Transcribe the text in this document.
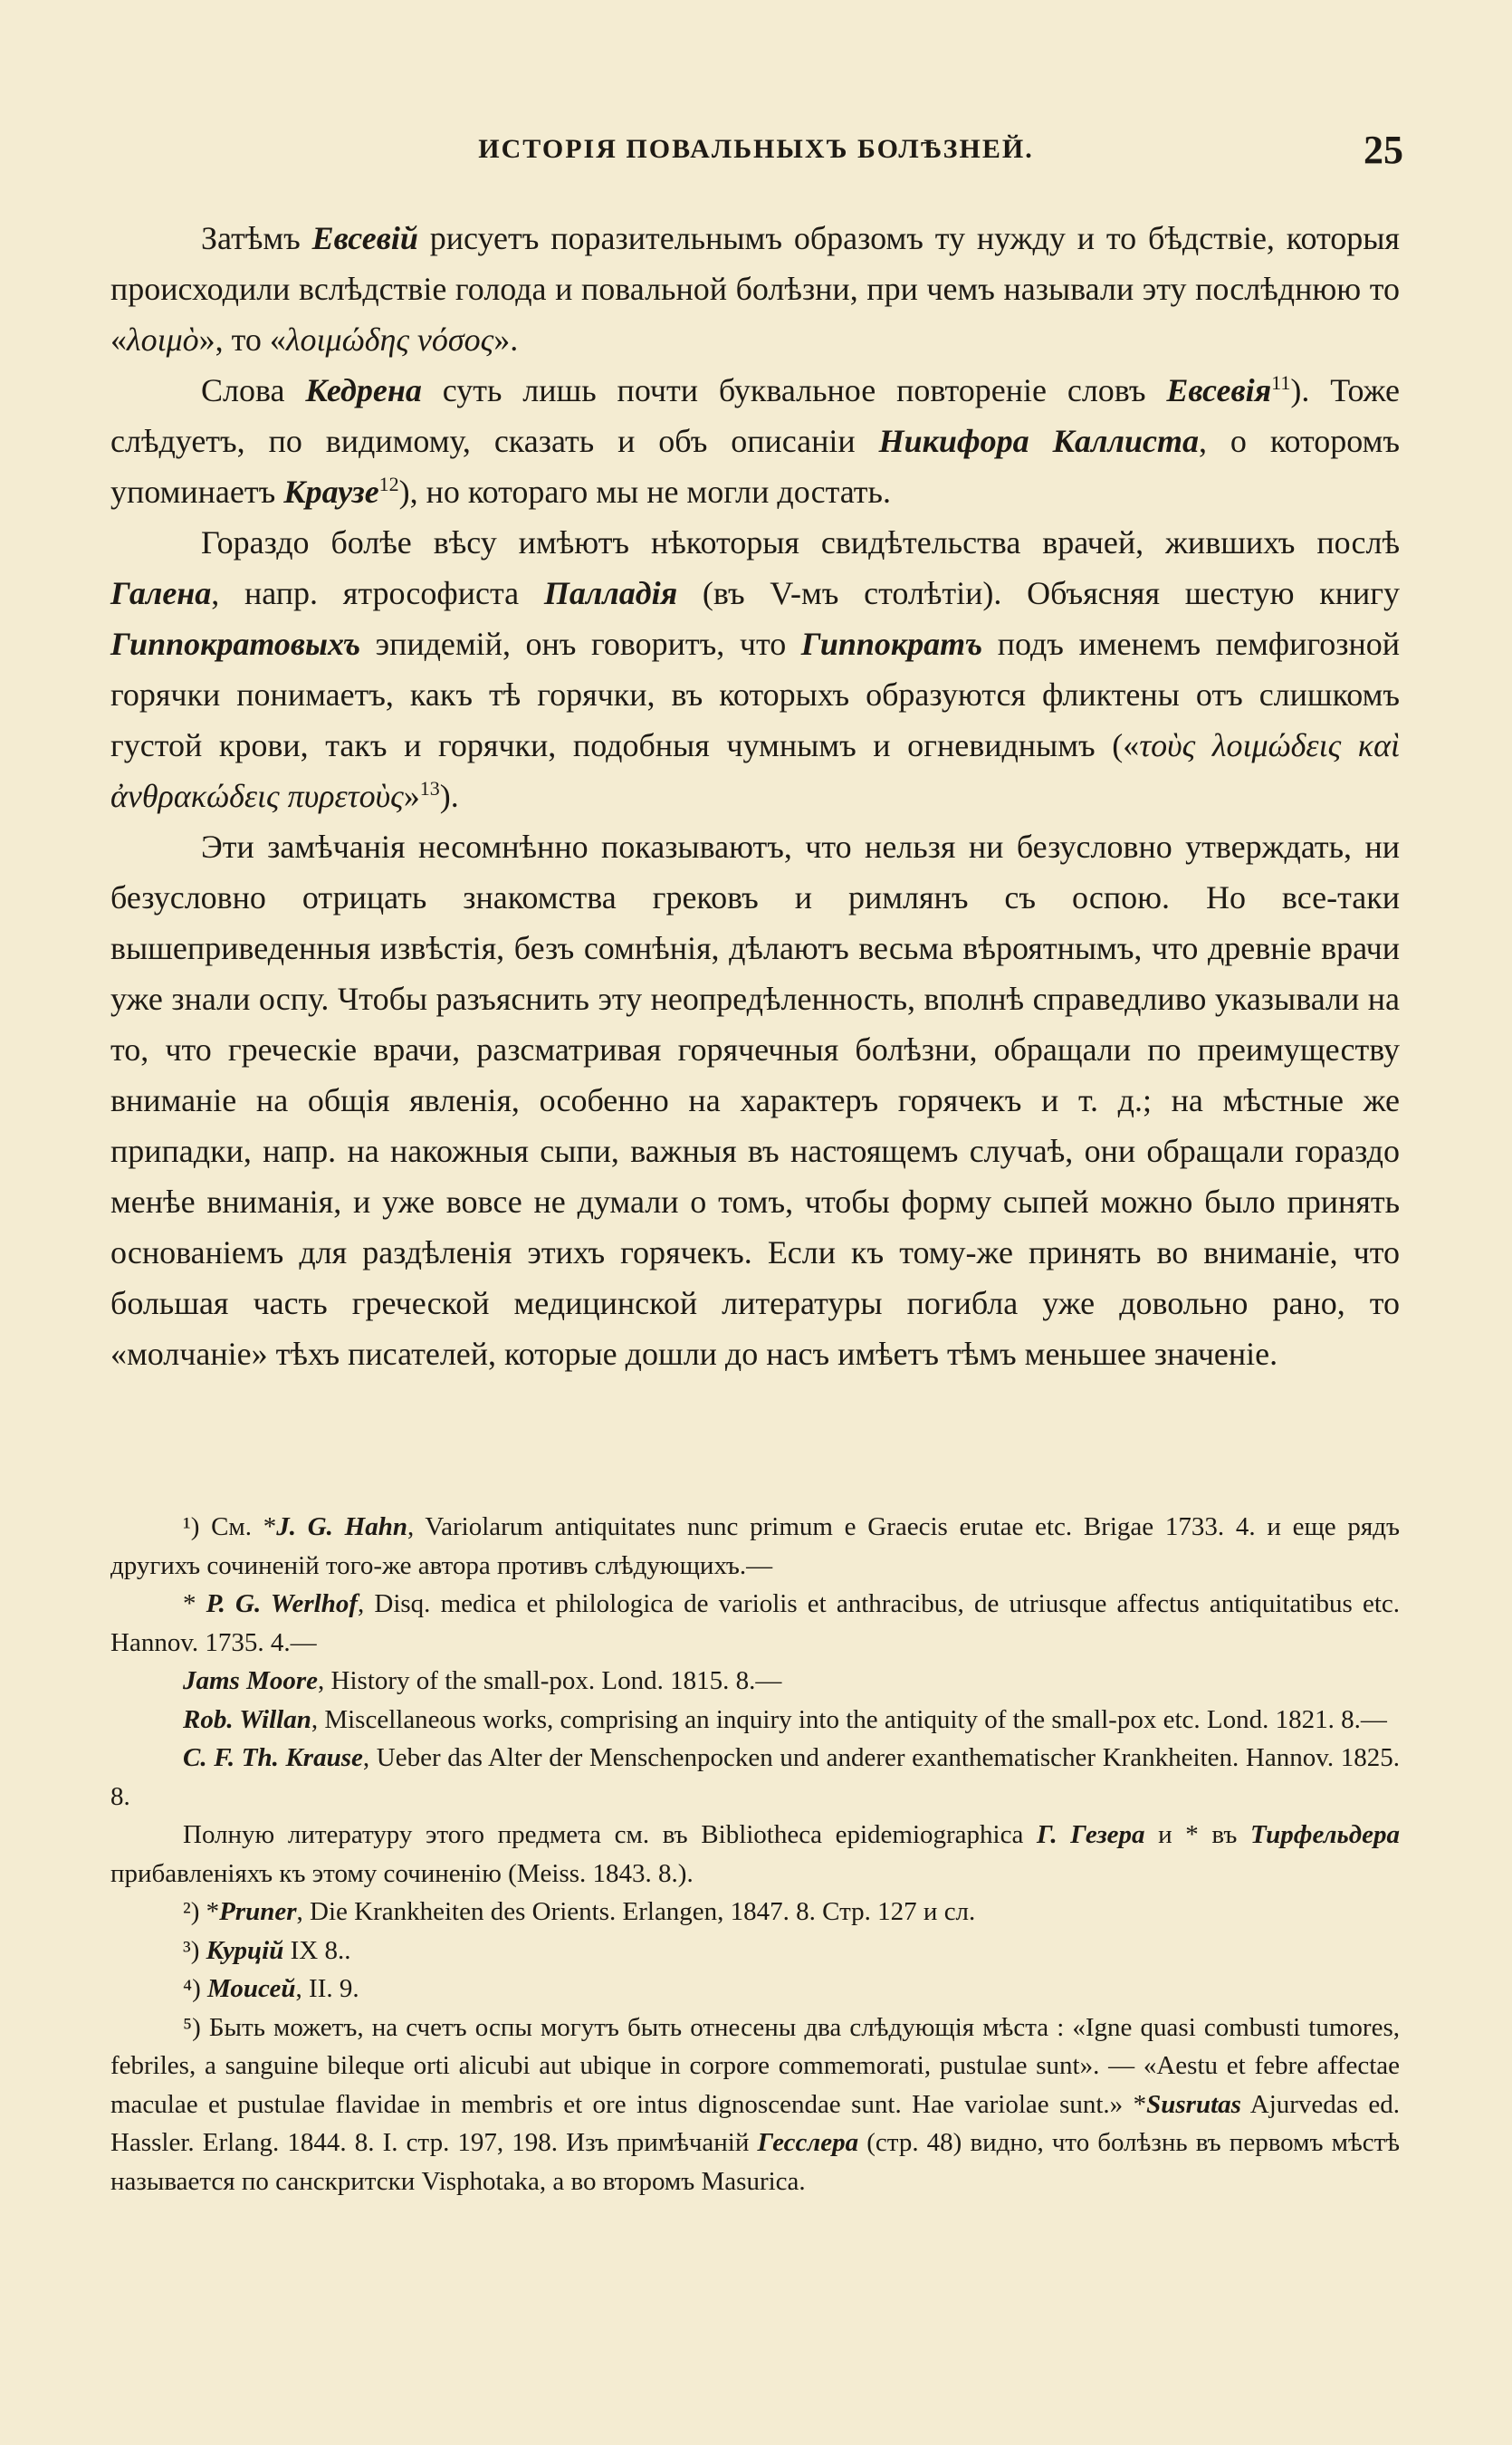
ИСТОРІЯ ПОВАЛЬНЫХЪ БОЛѢЗНЕЙ.	25

Затѣмъ Евсевій рисуетъ поразительнымъ образомъ ту нужду и то бѣдствіе, которыя происходили вслѣдствіе голода и повальной болѣзни, при чемъ называли эту послѣднюю то «λοιμὸ», то «λοιμώδης νόσος».

Слова Кедрена суть лишь почти буквальное повтореніе словъ Евсевія$^{11}$). Тоже слѣдуетъ, по видимому, сказать и объ описаніи Никифора Каллиста, о которомъ упоминаетъ Краузе$^{12}$), но котораго мы не могли достать.

Гораздо болѣе вѣсу имѣютъ нѣкоторыя свидѣтельства врачей, жившихъ послѣ Галена, напр. ятрософиста Палладія (въ V-мъ столѣтіи). Объясняя шестую книгу Гиппократовыхъ эпидемій, онъ говоритъ, что Гиппократъ подъ именемъ пемфигозной горячки понимаетъ, какъ тѣ горячки, въ которыхъ образуются фликтены отъ слишкомъ густой крови, такъ и горячки, подобныя чумнымъ и огневиднымъ («τοὺς λοιμώδεις καὶ ἀνθρακώδεις πυρετοὺς»$^{13}$).

Эти замѣчанія несомнѣнно показываютъ, что нельзя ни безусловно утверждать, ни безусловно отрицать знакомства грековъ и римлянъ съ оспою. Но все-таки вышеприведенныя извѣстія, безъ сомнѣнія, дѣлаютъ весьма вѣроятнымъ, что древніе врачи уже знали оспу. Чтобы разъяснить эту неопредѣленность, вполнѣ справедливо указывали на то, что греческіе врачи, разсматривая горячечныя болѣзни, обращали по преимуществу вниманіе на общія явленія, особенно на характеръ горячекъ и т. д.; на мѣстные же припадки, напр. на накожныя сыпи, важныя въ настоящемъ случаѣ, они обращали гораздо менѣе вниманія, и уже вовсе не думали о томъ, чтобы форму сыпей можно было принять основаніемъ для раздѣленія этихъ горячекъ. Если къ тому-же принять во вниманіе, что большая часть греческой медицинской литературы погибла уже довольно рано, то «молчаніе» тѣхъ писателей, которые дошли до насъ имѣетъ тѣмъ меньшее значеніе.

¹) См. *J. G. Hahn, Variolarum antiquitates nunc primum e Graecis erutae etc. Brigae 1733. 4. и еще рядъ другихъ сочиненій того-же автора противъ слѣдующихъ.—

* P. G. Werlhof, Disq. medica et philologica de variolis et anthracibus, de utriusque affectus antiquitatibus etc. Hannov. 1735. 4.—

Jams Moore, History of the small-pox. Lond. 1815. 8.—

Rob. Willan, Miscellaneous works, comprising an inquiry into the antiquity of the small-pox etc. Lond. 1821. 8.—

C. F. Th. Krause, Ueber das Alter der Menschenpocken und anderer exanthematischer Krankheiten. Hannov. 1825. 8.

Полную литературу этого предмета см. въ Bibliotheca epidemiographica Г. Гезера и * въ Тирфельдера прибавленіяхъ къ этому сочиненію (Meiss. 1843. 8.).

²) *Pruner, Die Krankheiten des Orients. Erlangen, 1847. 8. Стр. 127 и сл.

³) Курцій IX 8..

⁴) Моисей, II. 9.

⁵) Быть можетъ, на счетъ оспы могутъ быть отнесены два слѣдующія мѣста : «Igne quasi combusti tumores, febriles, a sanguine bileque orti alicubi aut ubique in corpore commemorati, pustulae sunt». — «Aestu et febre affectae maculae et pustulae flavidae in membris et ore intus dignoscendae sunt. Hae variolae sunt.» *Susrutas Ajurvedas ed. Hassler. Erlang. 1844. 8. I. стр. 197, 198. Изъ примѣчаній Гесслера (стр. 48) видно, что болѣзнь въ первомъ мѣстѣ называется по санскритски Visphotaka, а во второмъ Masurica.
